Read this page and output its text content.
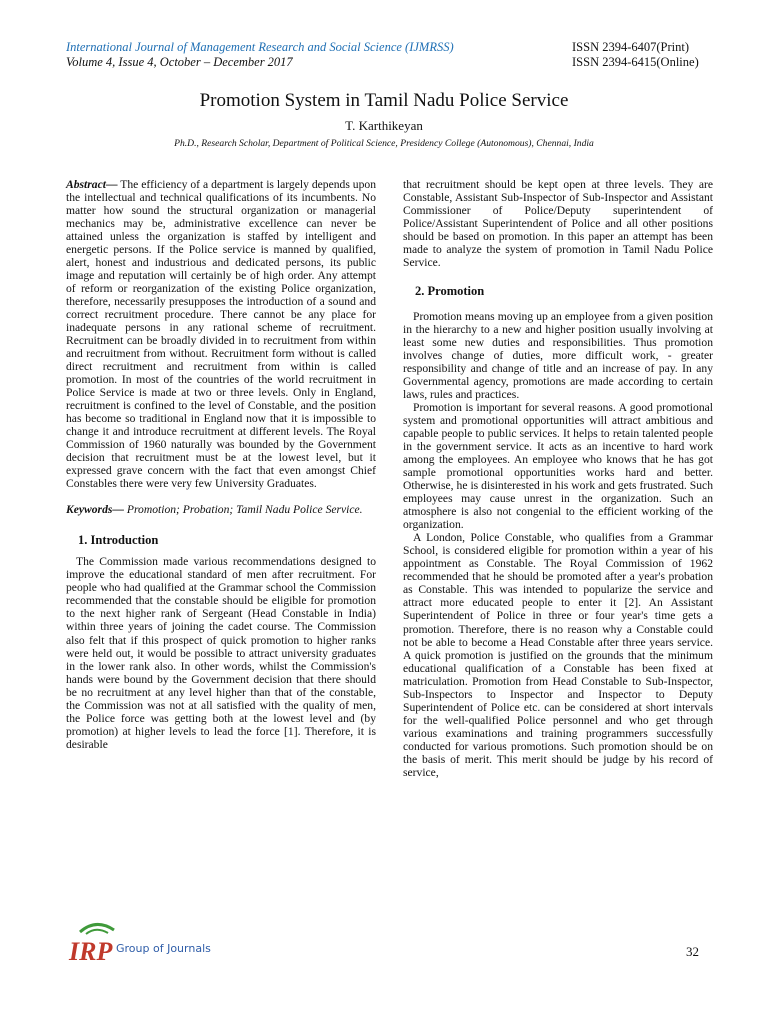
International Journal of Management Research and Social Science (IJMRSS)
Volume 4, Issue 4, October – December 2017
ISSN 2394-6407(Print)
ISSN 2394-6415(Online)
Promotion System in Tamil Nadu Police Service
T. Karthikeyan
Ph.D., Research Scholar, Department of Political Science, Presidency College (Autonomous), Chennai, India

Abstract— The efficiency of a department is largely depends upon the intellectual and technical qualifications of its incumbents. No matter how sound the structural organization or managerial mechanics may be, administrative excellence can never be attained unless the organization is staffed by intelligent and energetic persons. If the Police service is manned by qualified, alert, honest and industrious and dedicated persons, its public image and reputation will certainly be of high order. Any attempt of reform or reorganization of the existing Police organization, therefore, necessarily presupposes the introduction of a sound and correct recruitment procedure. There cannot be any place for inadequate persons in any rational scheme of recruitment. Recruitment can be broadly divided in to recruitment from within and recruitment from without. Recruitment form without is called direct recruitment and recruitment from within is called promotion. In most of the countries of the world recruitment in Police Service is made at two or three levels. Only in England, recruitment is confined to the level of Constable, and the position has become so traditional in England now that it is impossible to change it and introduce recruitment at different levels. The Royal Commission of 1960 naturally was bounded by the Government decision that recruitment must be at the lowest level, but it expressed grave concern with the fact that even amongst Chief Constables there were very few University Graduates.

Keywords— Promotion; Probation; Tamil Nadu Police Service.

1. Introduction

The Commission made various recommendations designed to improve the educational standard of men after recruitment. For people who had qualified at the Grammar school the Commission recommended that the constable should be eligible for promotion to the next higher rank of Sergeant (Head Constable in India) within three years of joining the cadet course. The Commission also felt that if this prospect of quick promotion to higher ranks were held out, it would be possible to attract university graduates in the lower rank also. In other words, whilst the Commission's hands were bound by the Government decision that there should be no recruitment at any level higher than that of the constable, the Commission was not at all satisfied with the quality of men, the Police force was getting both at the lowest level and (by promotion) at higher levels to lead the force [1]. Therefore, it is desirable

that recruitment should be kept open at three levels. They are Constable, Assistant Sub-Inspector of Sub-Inspector and Assistant Commissioner of Police/Deputy superintendent of Police/Assistant Superintendent of Police and all other positions should be based on promotion. In this paper an attempt has been made to analyze the system of promotion in Tamil Nadu Police Service.

2. Promotion

Promotion means moving up an employee from a given position in the hierarchy to a new and higher position usually involving at least some new duties and responsibilities. Thus promotion involves change of duties, more difficult work, - greater responsibility and change of title and an increase of pay. In any Governmental agency, promotions are made according to certain laws, rules and practices.

Promotion is important for several reasons. A good promotional system and promotional opportunities will attract ambitious and capable people to public services. It helps to retain talented people in the government service. It acts as an incentive to hard work among the employees. An employee who knows that he has got sample promotional opportunities works hard and better. Otherwise, he is disinterested in his work and gets frustrated. Such employees may cause unrest in the organization. Such an atmosphere is also not congenial to the efficient working of the organization.

A London, Police Constable, who qualifies from a Grammar School, is considered eligible for promotion within a year of his appointment as Constable. The Royal Commission of 1962 recommended that he should be promoted after a year's probation as Constable. This was intended to popularize the service and attract more educated people to enter it [2]. An Assistant Superintendent of Police in three or four year's time gets a promotion. Therefore, there is no reason why a Constable could not be able to become a Head Constable after three years service. A quick promotion is justified on the grounds that the minimum educational qualification of a Constable has been fixed at matriculation. Promotion from Head Constable to Sub-Inspector, Sub-Inspectors to Inspector and Inspector to Deputy Superintendent of Police etc. can be considered at short intervals for the well-qualified Police personnel and who get through various examinations and training programmers successfully conducted for various promotions. Such promotion should be on the basis of merit. This merit should be judge by his record of service,

IRP Group of Journals	32
